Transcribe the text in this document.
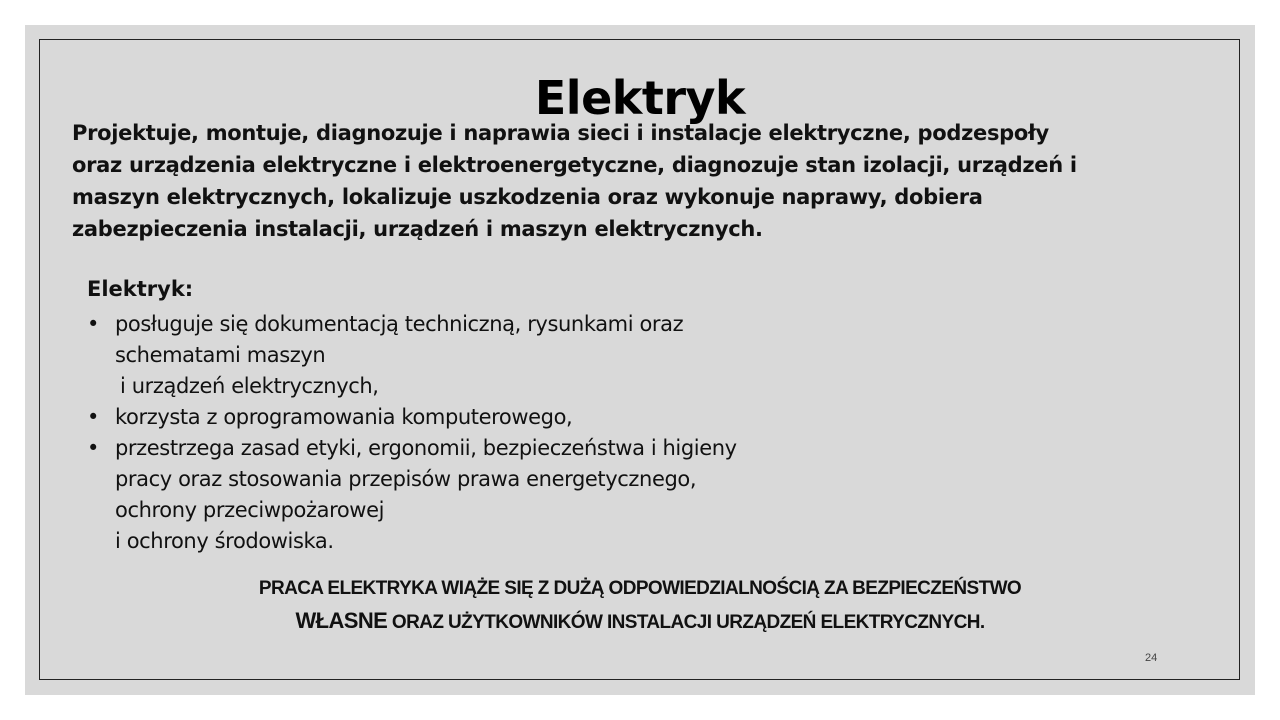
Elektryk
Projektuje, montuje, diagnozuje i naprawia sieci i instalacje elektryczne, podzespoły
oraz urządzenia elektryczne i elektroenergetyczne, diagnozuje stan izolacji, urządzeń i
maszyn elektrycznych, lokalizuje uszkodzenia oraz wykonuje naprawy, dobiera
zabezpieczenia instalacji, urządzeń i maszyn elektrycznych.
Elektryk:
• posługuje się dokumentacją techniczną, rysunkami oraz
schematami maszyn
i urządzeń elektrycznych,
• korzysta z oprogramowania komputerowego,
• przestrzega zasad etyki, ergonomii, bezpieczeństwa i higieny
pracy oraz stosowania przepisów prawa energetycznego,
ochrony przeciwpożarowej
i ochrony środowiska.
PRACA ELEKTRYKA WIĄŻE SIĘ Z DUŻĄ ODPOWIEDZIALNOŚCIĄ ZA BEZPIECZEŃSTWO
WŁASNE ORAZ UŻYTKOWNIKÓW INSTALACJI URZĄDZEŃ ELEKTRYCZNYCH.
24
